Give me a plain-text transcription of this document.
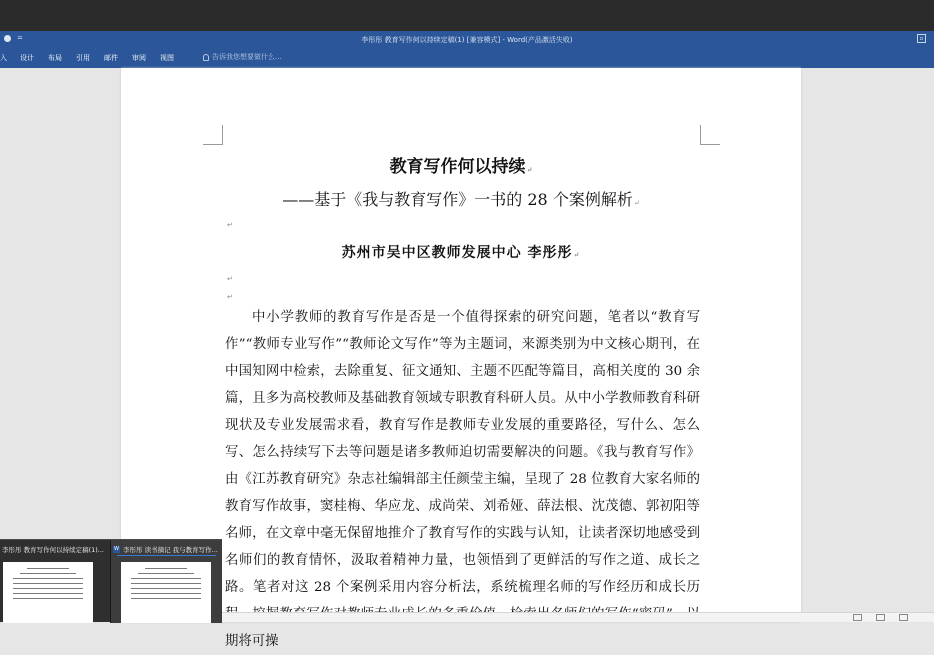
=	李彤彤 教育写作何以持续定稿(1) [兼容模式] - Word(产品激活失败)	▫
入 设计 布局 引用 邮件 审阅 视图	告诉我您想要做什么...
教育写作何以持续↵
——基于《我与教育写作》一书的 28 个案例解析↵
↵
苏州市吴中区教师发展中心 李彤彤↵
↵
↵

中小学教师的教育写作是否是一个值得探索的研究问题，笔者以“教育写作”“教师专业写作”“教师论文写作”等为主题词，来源类别为中文核心期刊，在中国知网中检索，去除重复、征文通知、主题不匹配等篇目，高相关度的 30 余篇，且多为高校教师及基础教育领域专职教育科研人员。从中小学教师教育科研现状及专业发展需求看，教育写作是教师专业发展的重要路径，写什么、怎么写、怎么持续写下去等问题是诸多教师迫切需要解决的问题。《我与教育写作》由《江苏教育研究》杂志社编辑部主任颜莹主编，呈现了 28 位教育大家名师的教育写作故事，窦桂梅、华应龙、成尚荣、刘希娅、薛法根、沈茂德、郭初阳等名师，在文章中毫无保留地推介了教育写作的实践与认知，让读者深切地感受到名师们的教育情怀，汲取着精神力量，也领悟到了更鲜活的写作之道、成长之路。笔者对这 28 个案例采用内容分析法，系统梳理名师的写作经历和成长历 期将可操

李彤彤 教育写作何以持续定稿(1)... W 李彤彤 读书摘记 我与教育写作...
